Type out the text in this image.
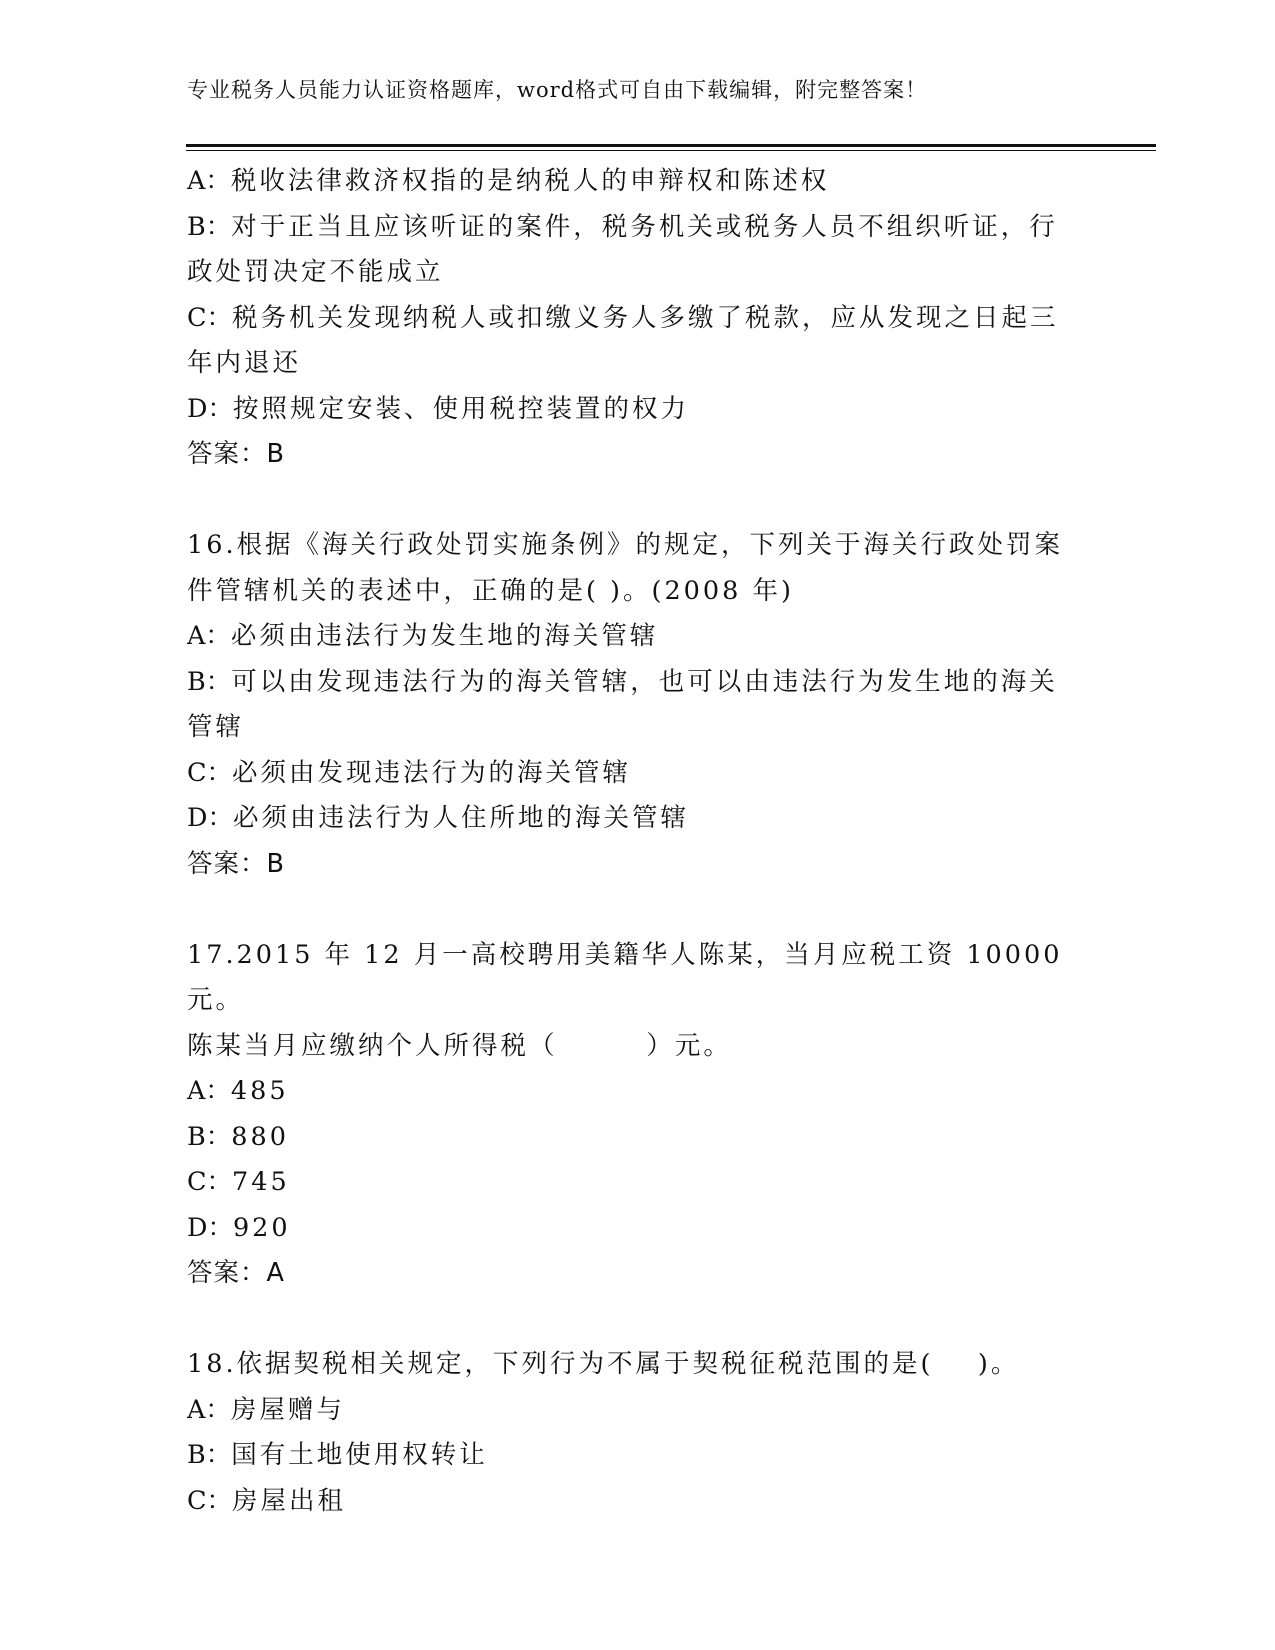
专业税务人员能力认证资格题库，word格式可自由下载编辑，附完整答案！
A：税收法律救济权指的是纳税人的申辩权和陈述权
B：对于正当且应该听证的案件，税务机关或税务人员不组织听证，行
政处罚决定不能成立
C：税务机关发现纳税人或扣缴义务人多缴了税款，应从发现之日起三
年内退还
D：按照规定安装、使用税控装置的权力
答案：B
16.根据《海关行政处罚实施条例》的规定，下列关于海关行政处罚案
件管辖机关的表述中，正确的是( )。(2008 年)
A：必须由违法行为发生地的海关管辖
B：可以由发现违法行为的海关管辖，也可以由违法行为发生地的海关
管辖
C：必须由发现违法行为的海关管辖
D：必须由违法行为人住所地的海关管辖
答案：B
17.2015 年 12 月一高校聘用美籍华人陈某，当月应税工资 10000 元。
陈某当月应缴纳个人所得税（        ）元。
A：485
B：880
C：745
D：920
答案：A
18.依据契税相关规定，下列行为不属于契税征税范围的是(    )。
A：房屋赠与
B：国有土地使用权转让
C：房屋出租
